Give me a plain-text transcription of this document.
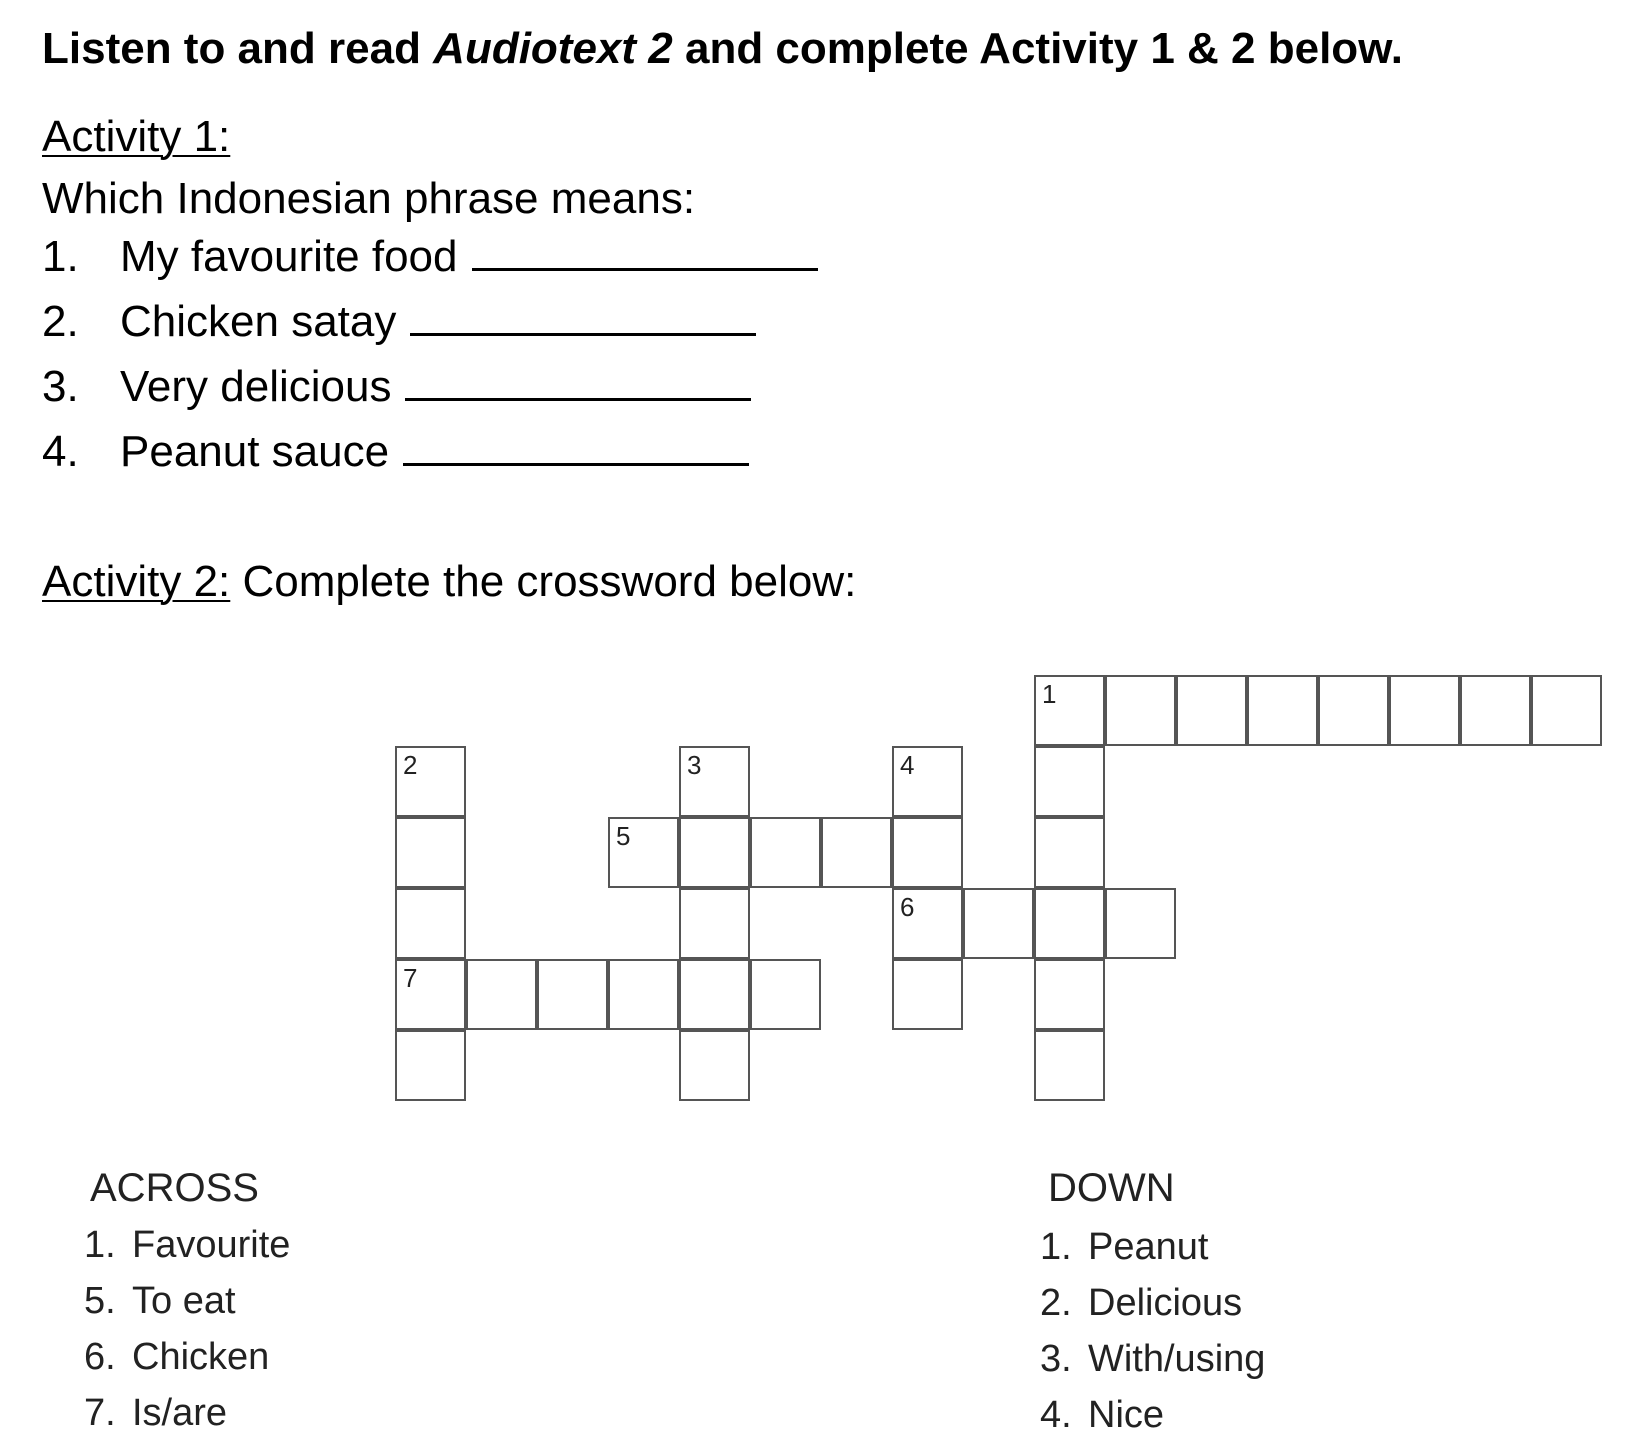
Listen to and read Audiotext 2 and complete Activity 1 & 2 below.
Activity 1:
Which Indonesian phrase means:
1. My favourite food
2. Chicken satay
3. Very delicious
4. Peanut sauce
Activity 2: Complete the crossword below:
1
2
7
3	4
6
5
ACROSS
1. Favourite
5. To eat
6. Chicken
7. Is/are
DOWN
1. Peanut
2. Delicious
3. With/using
4. Nice
